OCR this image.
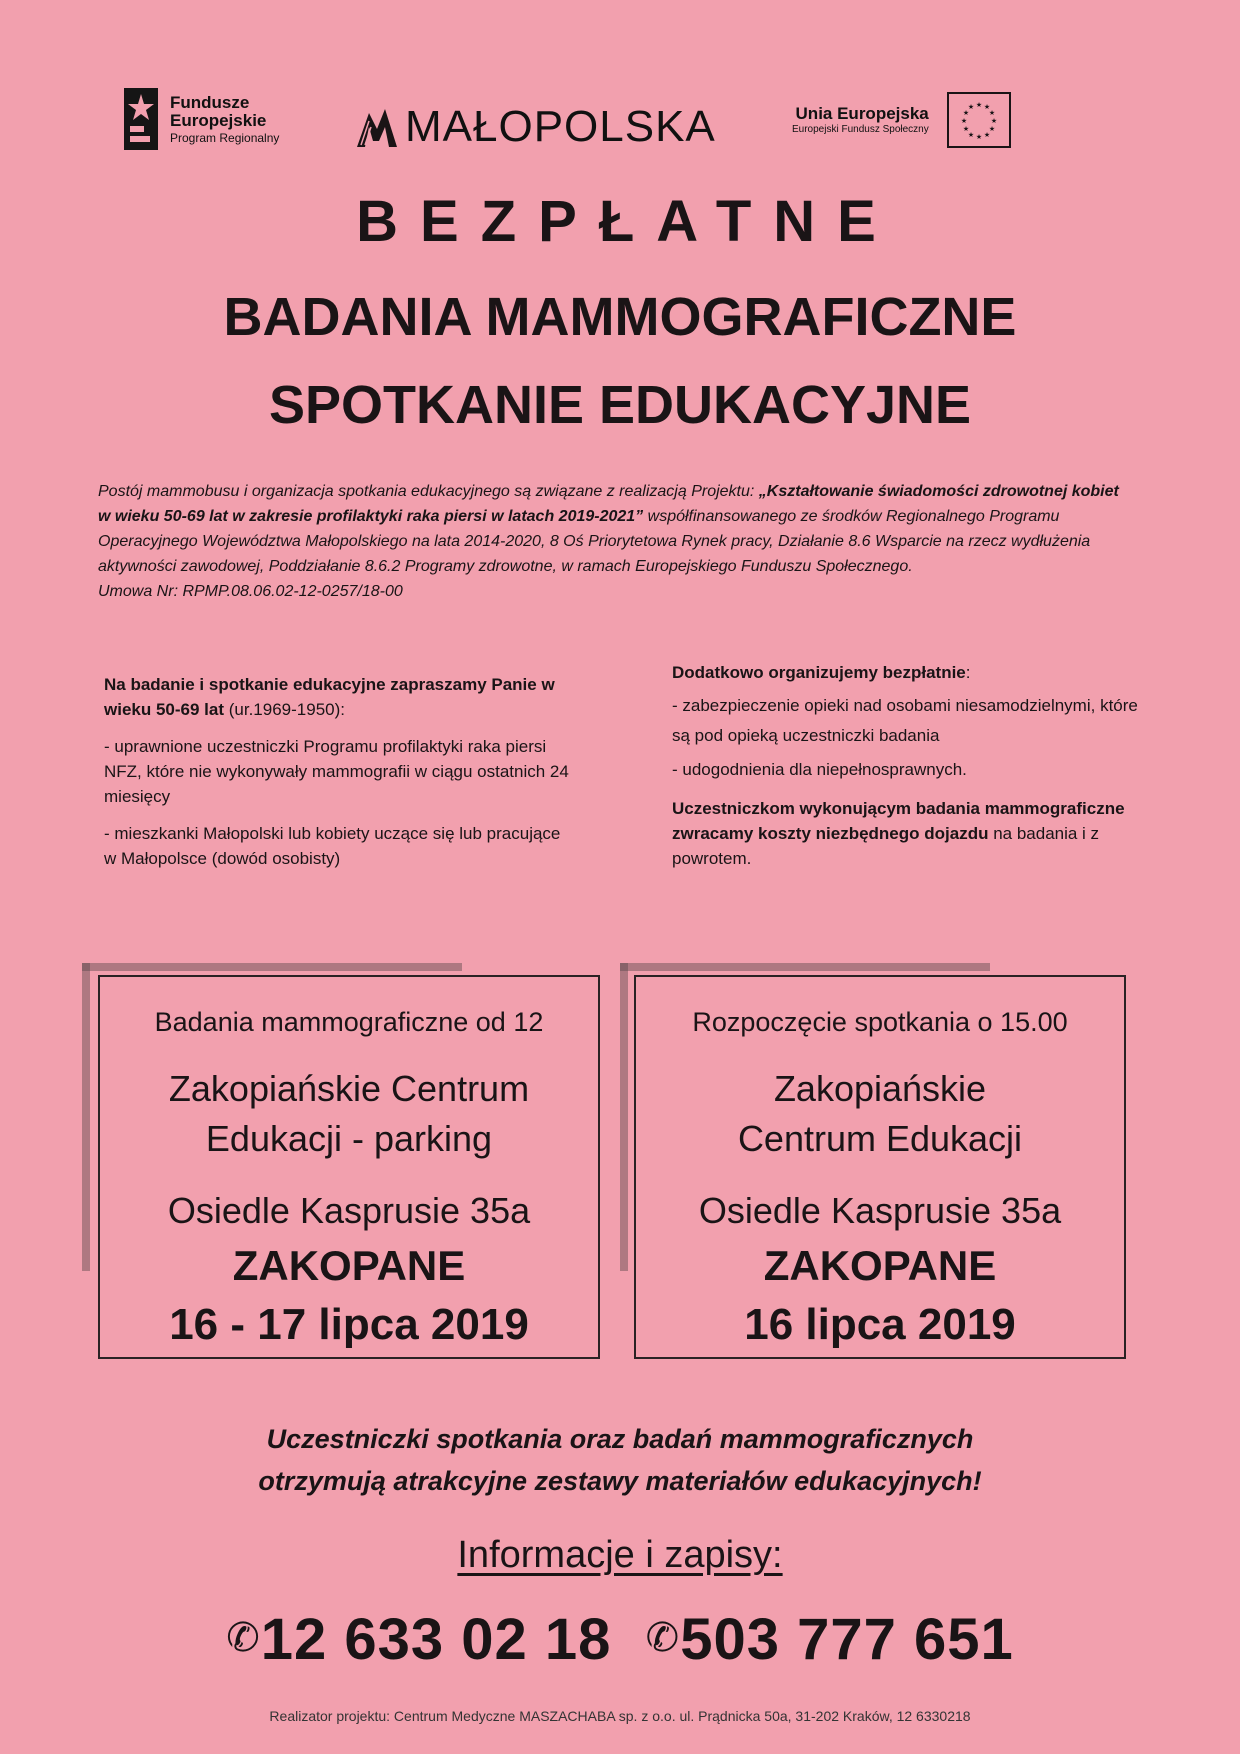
Fundusze
Europejskie
Program Regionalny	MAŁOPOLSKA	Unia Europejska
Europejski Fundusz Społeczny
★ ★
★
★
★
★
★
★
★
★
★
★
BEZPŁATNE
BADANIA MAMMOGRAFICZNE
SPOTKANIE EDUKACYJNE
Postój mammobusu i organizacja spotkania edukacyjnego są związane z realizacją Projektu: „Kształtowanie świadomości zdrowotnej kobiet w wieku 50-69 lat w zakresie profilaktyki raka piersi w latach 2019-2021” współfinansowanego ze środków Regionalnego Programu Operacyjnego Województwa Małopolskiego na lata 2014-2020, 8 Oś Priorytetowa Rynek pracy, Działanie 8.6 Wsparcie na rzecz wydłużenia aktywności zawodowej, Poddziałanie 8.6.2 Programy zdrowotne, w ramach Europejskiego Funduszu Społecznego.
Umowa Nr: RPMP.08.06.02-12-0257/18-00

Na badanie i spotkanie edukacyjne zapraszamy Panie w wieku 50-69 lat (ur.1969-1950):

- uprawnione uczestniczki Programu profilaktyki raka piersi NFZ, które nie wykonywały mammografii w ciągu ostatnich 24 miesięcy

- mieszkanki Małopolski lub kobiety uczące się lub pracujące w Małopolsce (dowód osobisty)

Dodatkowo organizujemy bezpłatnie:

- zabezpieczenie opieki nad osobami niesamodzielnymi, które są pod opieką uczestniczki badania

- udogodnienia dla niepełnosprawnych.

Uczestniczkom wykonującym badania mammograficzne zwracamy koszty niezbędnego dojazdu na badania i z powrotem.

Badania mammograficzne od 12
Zakopiańskie Centrum
Edukacji - parking
Osiedle Kasprusie 35a
ZAKOPANE
16 - 17 lipca 2019
Rozpoczęcie spotkania o 15.00
Zakopiańskie
Centrum Edukacji
Osiedle Kasprusie 35a
ZAKOPANE
16 lipca 2019
Uczestniczki spotkania oraz badań mammograficznych
otrzymują atrakcyjne zestawy materiałów edukacyjnych!
Informacje i zapisy:
✆12 633 02 18 ✆503 777 651
Realizator projektu: Centrum Medyczne MASZACHABA sp. z o.o. ul. Prądnicka 50a, 31-202 Kraków, 12 6330218
